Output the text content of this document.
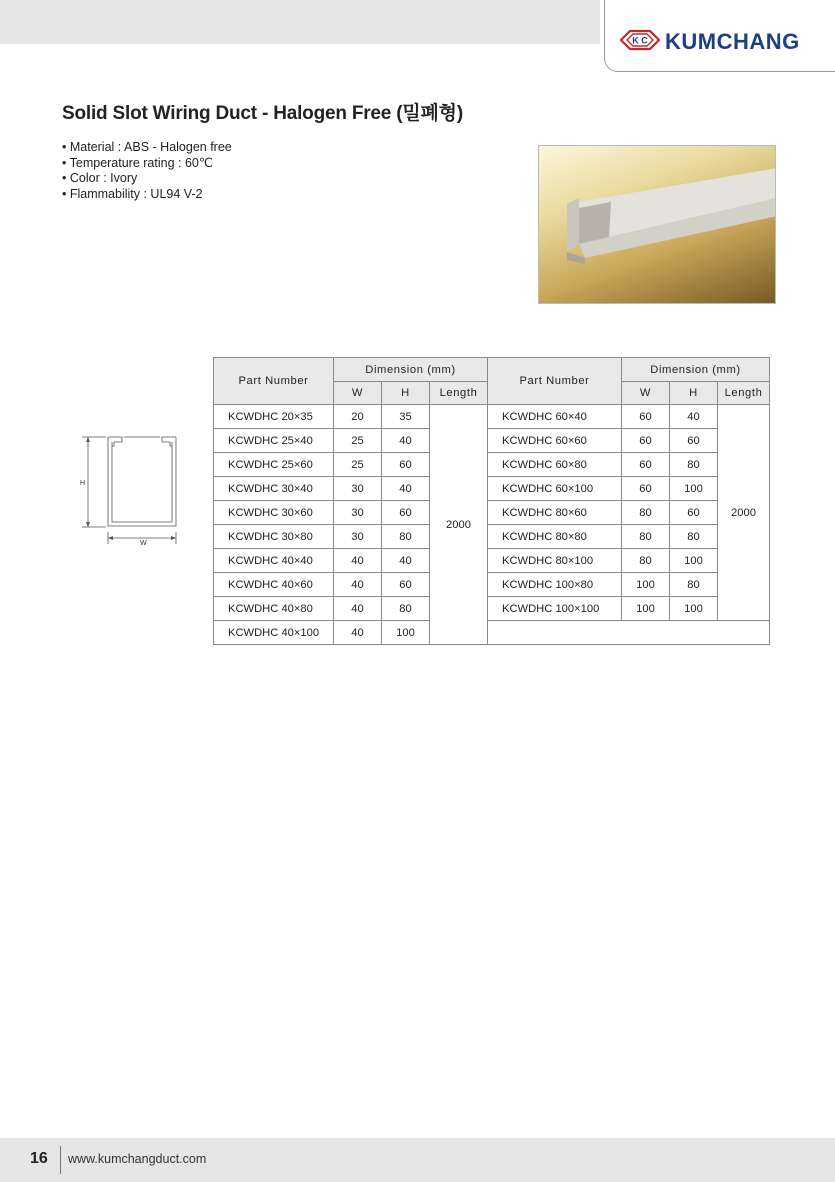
K C KUMCHANG
Solid Slot Wiring Duct - Halogen Free (밀폐형)
• Material : ABS - Halogen free
• Temperature rating : 60℃
• Color : Ivory
• Flammability : UL94 V-2
H
W
Part Number	Dimension (mm)			Part Number	Dimension (mm)		
	W	H	Length		W	H	Length
KCWDHC 20×35	20	35	2000	KCWDHC 60×40	60	40	2000
KCWDHC 25×40	25	40		KCWDHC 60×60	60	60	
KCWDHC 25×60	25	60		KCWDHC 60×80	60	80	
KCWDHC 30×40	30	40		KCWDHC 60×100	60	100	
KCWDHC 30×60	30	60		KCWDHC 80×60	80	60	
KCWDHC 30×80	30	80		KCWDHC 80×80	80	80	
KCWDHC 40×40	40	40		KCWDHC 80×100	80	100	
KCWDHC 40×60	40	60		KCWDHC 100×80	100	80	
KCWDHC 40×80	40	80		KCWDHC 100×100	100	100	
KCWDHC 40×100	40	100					
16 www.kumchangduct.com
